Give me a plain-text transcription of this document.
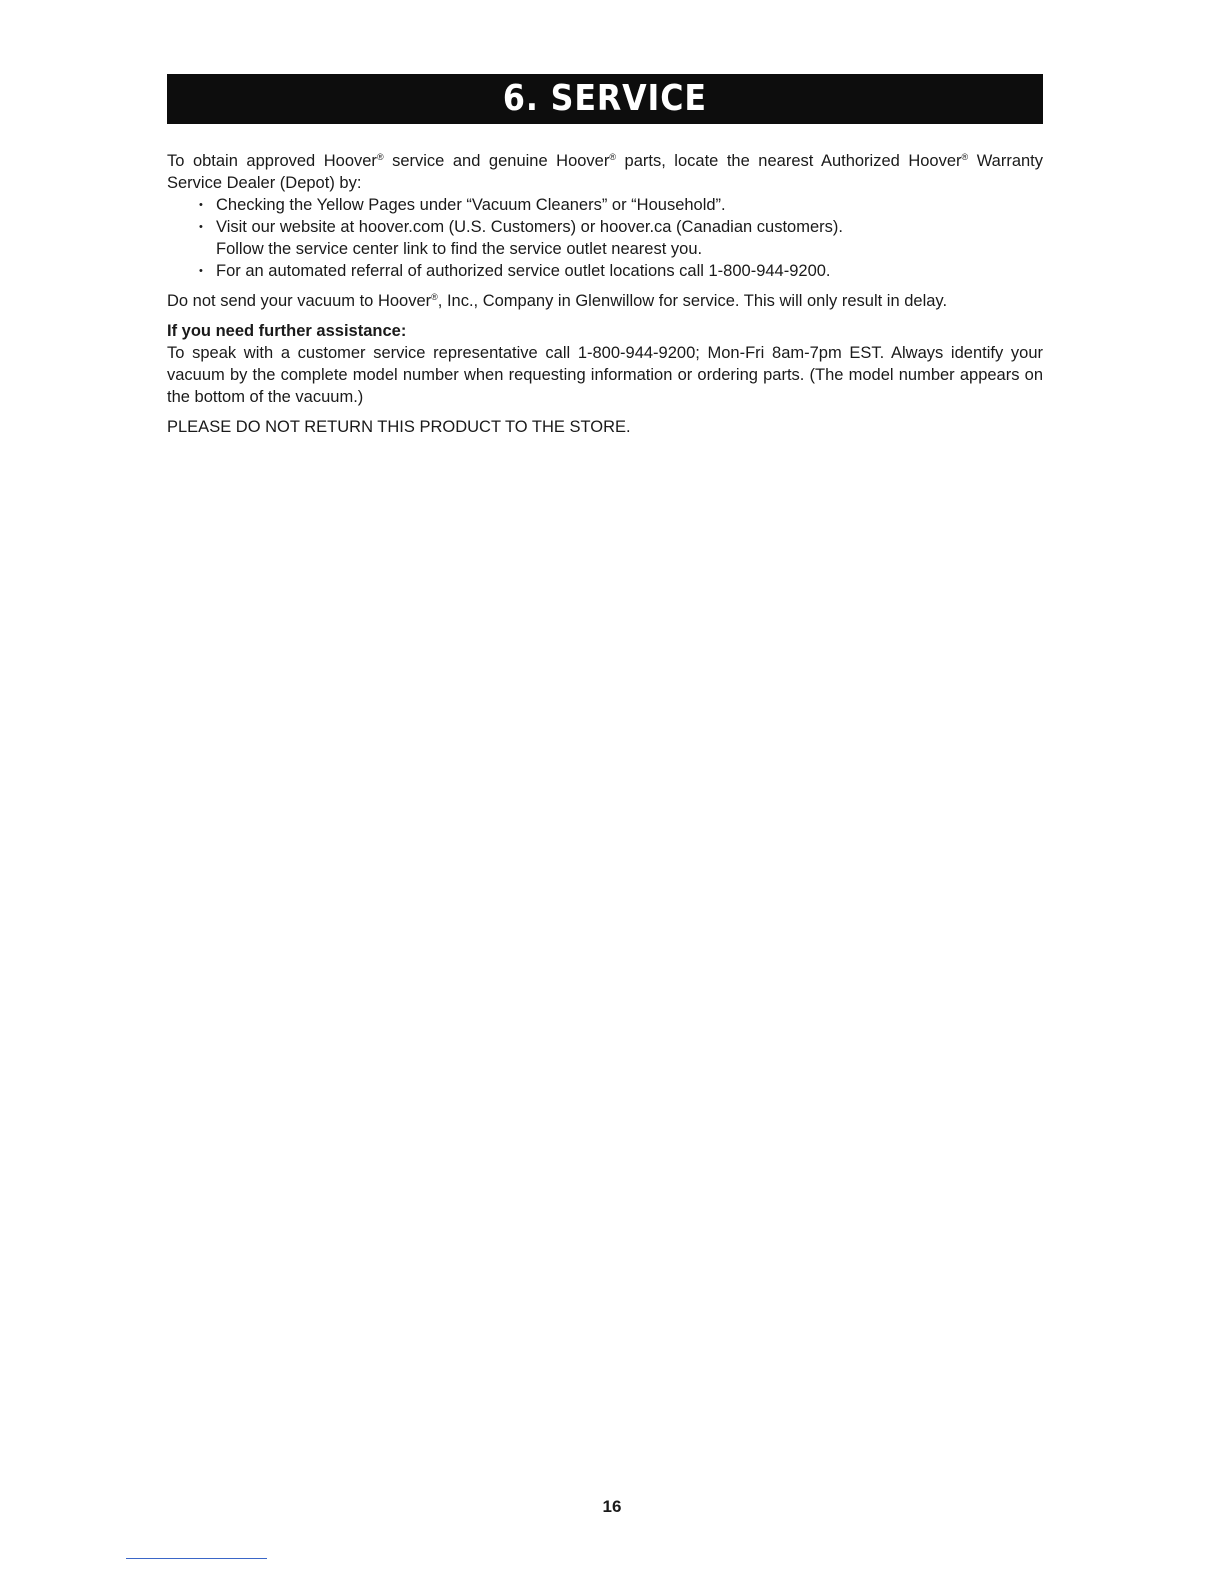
6. SERVICE

To obtain approved Hoover® service and genuine Hoover® parts, locate the nearest Authorized Hoover® Warranty Service Dealer (Depot) by:

• Checking the Yellow Pages under “Vacuum Cleaners” or “Household”.
• Visit our website at hoover.com (U.S. Customers) or hoover.ca (Canadian customers).
Follow the service center link to find the service outlet nearest you.
• For an automated referral of authorized service outlet locations call 1-800-944-9200.

Do not send your vacuum to Hoover®, Inc., Company in Glenwillow for service. This will only result in delay.

If you need further assistance:

To speak with a customer service representative call 1-800-944-9200; Mon-Fri 8am-7pm EST. Always identify your vacuum by the complete model number when requesting information or ordering parts. (The model number appears on the bottom of the vacuum.)

PLEASE DO NOT RETURN THIS PRODUCT TO THE STORE.

16
